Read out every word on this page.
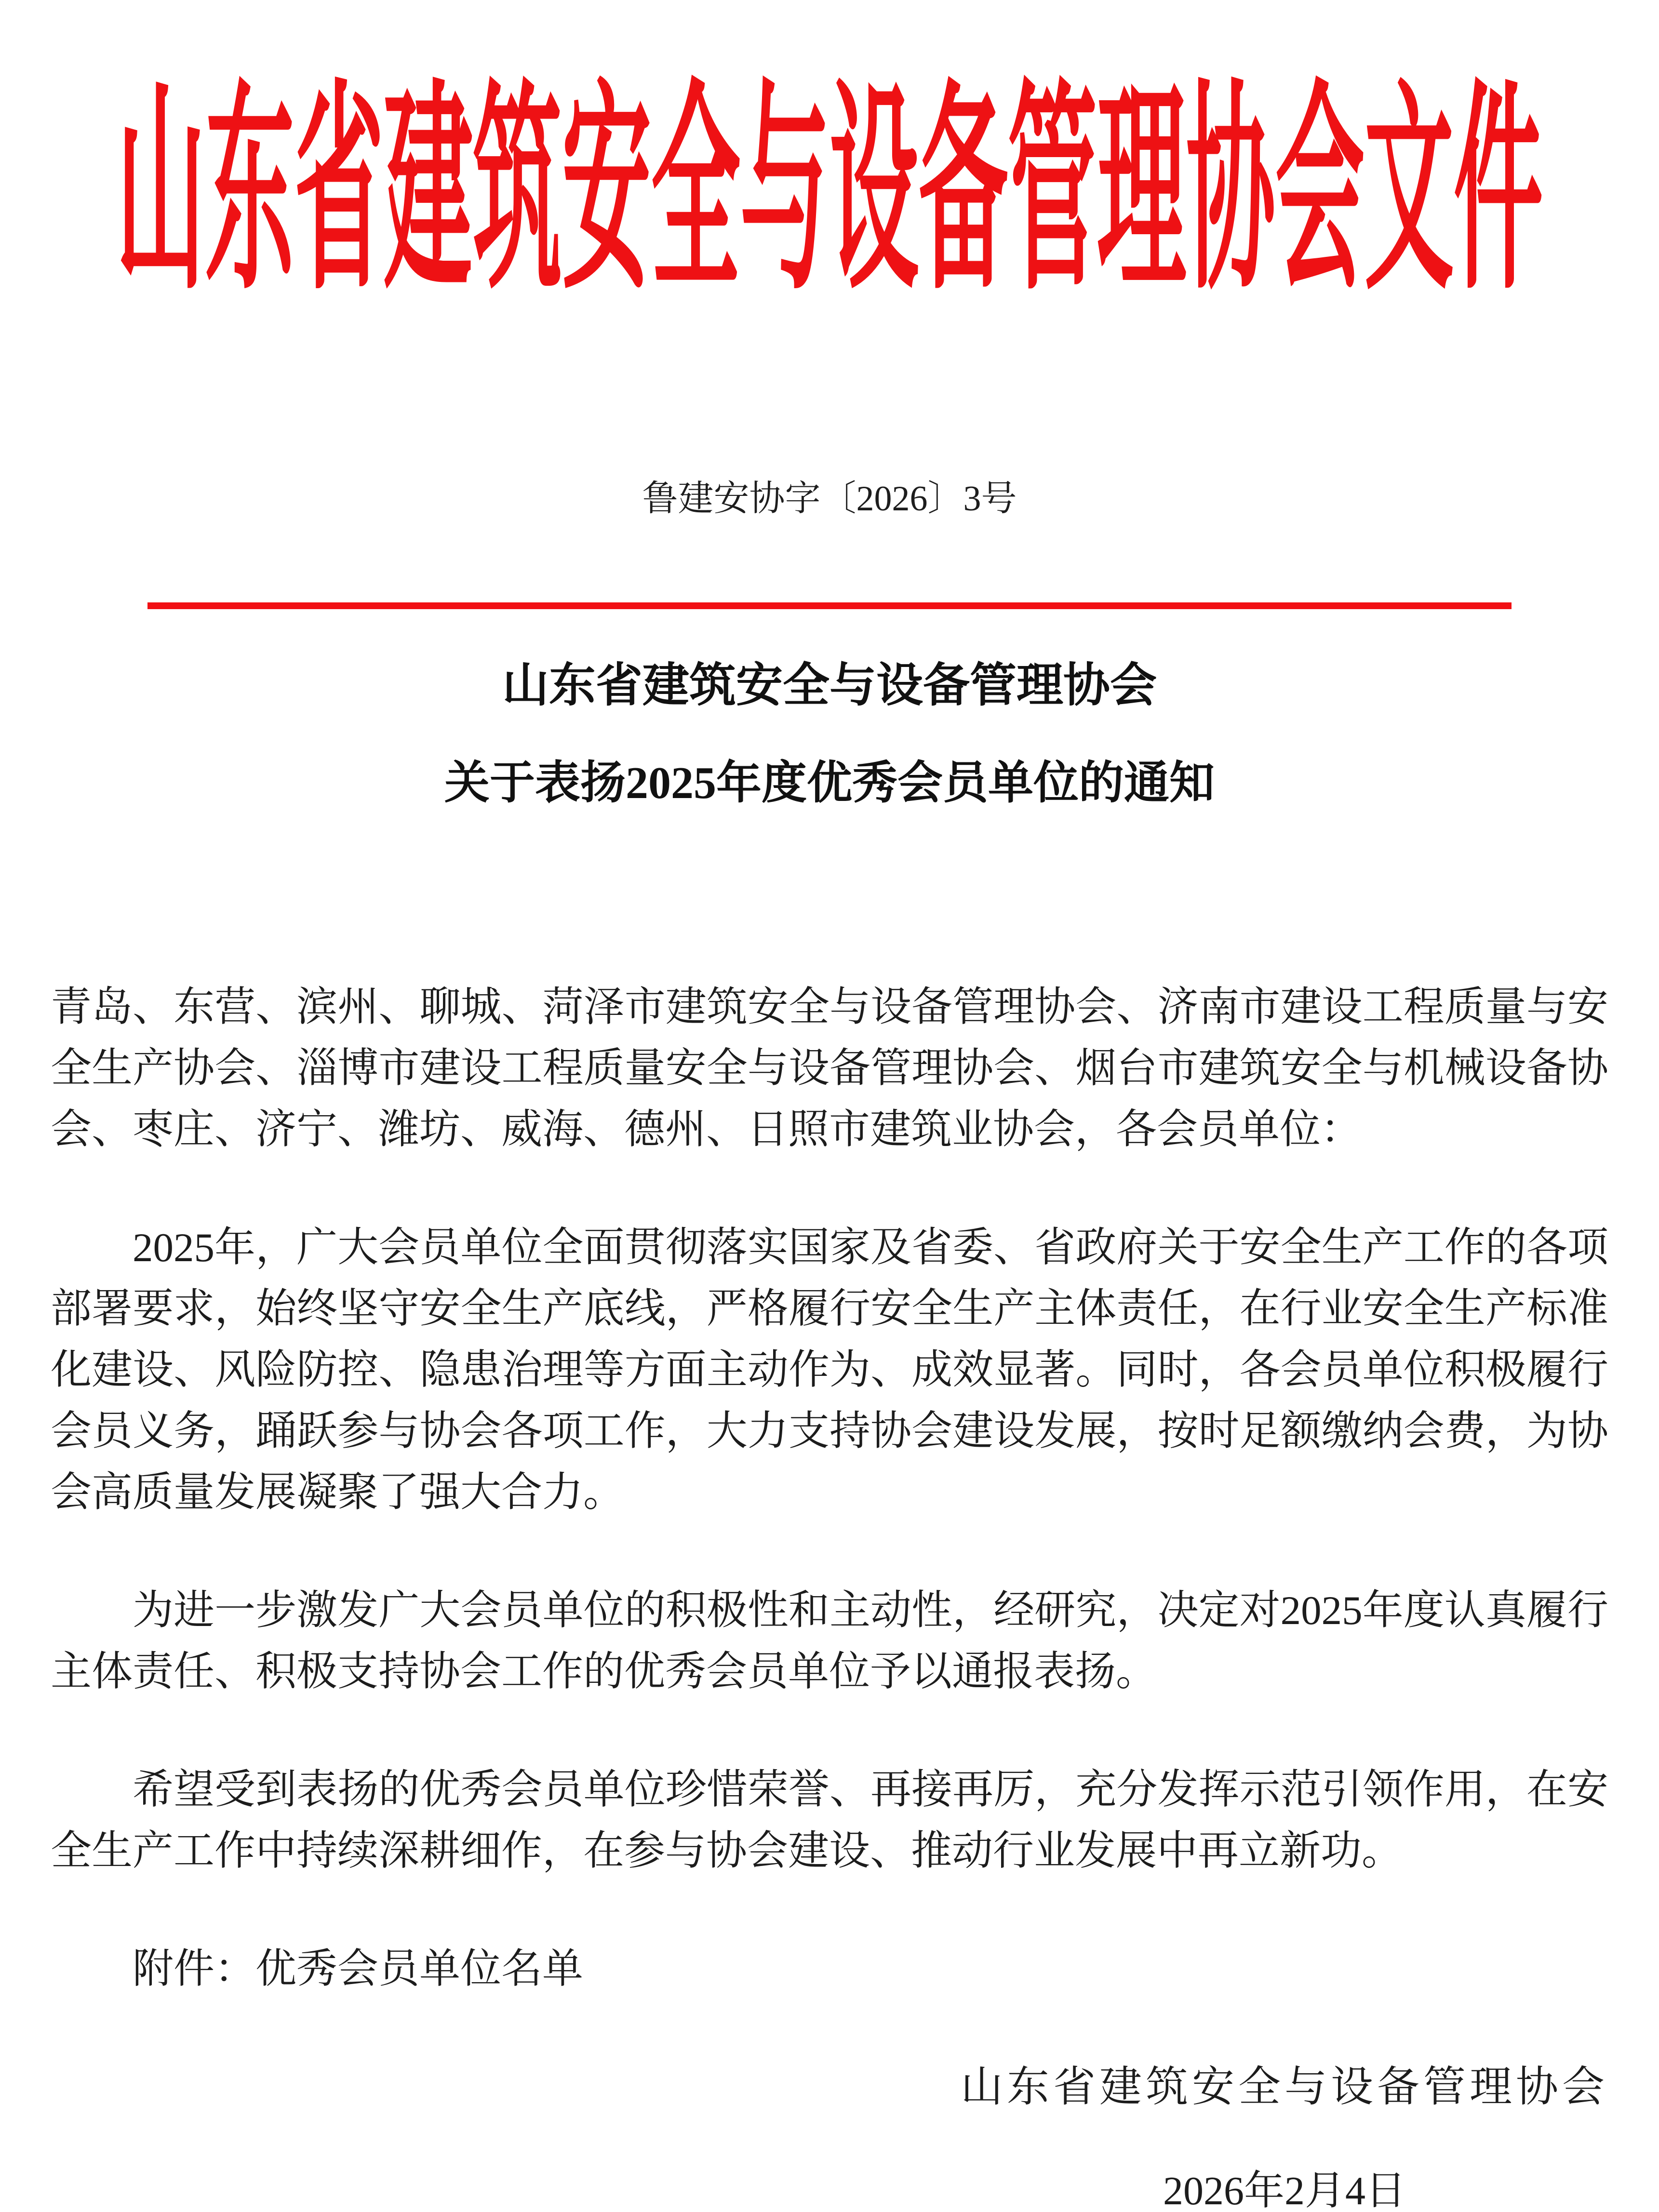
山东省建筑安全与设备管理协会文件
鲁建安协字〔2026〕3号
山东省建筑安全与设备管理协会
关于表扬2025年度优秀会员单位的通知

青岛、东营、滨州、聊城、菏泽市建筑安全与设备管理协会、济南市建设工程质量与安全生产协会、淄博市建设工程质量安全与设备管理协会、烟台市建筑安全与机械设备协会、枣庄、济宁、潍坊、威海、德州、日照市建筑业协会，各会员单位：

2025年，广大会员单位全面贯彻落实国家及省委、省政府关于安全生产工作的各项部署要求，始终坚守安全生产底线，严格履行安全生产主体责任，在行业安全生产标准化建设、风险防控、隐患治理等方面主动作为、成效显著。同时，各会员单位积极履行会员义务，踊跃参与协会各项工作，大力支持协会建设发展，按时足额缴纳会费，为协会高质量发展凝聚了强大合力。

为进一步激发广大会员单位的积极性和主动性，经研究，决定对2025年度认真履行主体责任、积极支持协会工作的优秀会员单位予以通报表扬。

希望受到表扬的优秀会员单位珍惜荣誉、再接再厉，充分发挥示范引领作用，在安全生产工作中持续深耕细作，在参与协会建设、推动行业发展中再立新功。

附件：优秀会员单位名单

山东省建筑安全与设备管理协会
2026年2月4日
